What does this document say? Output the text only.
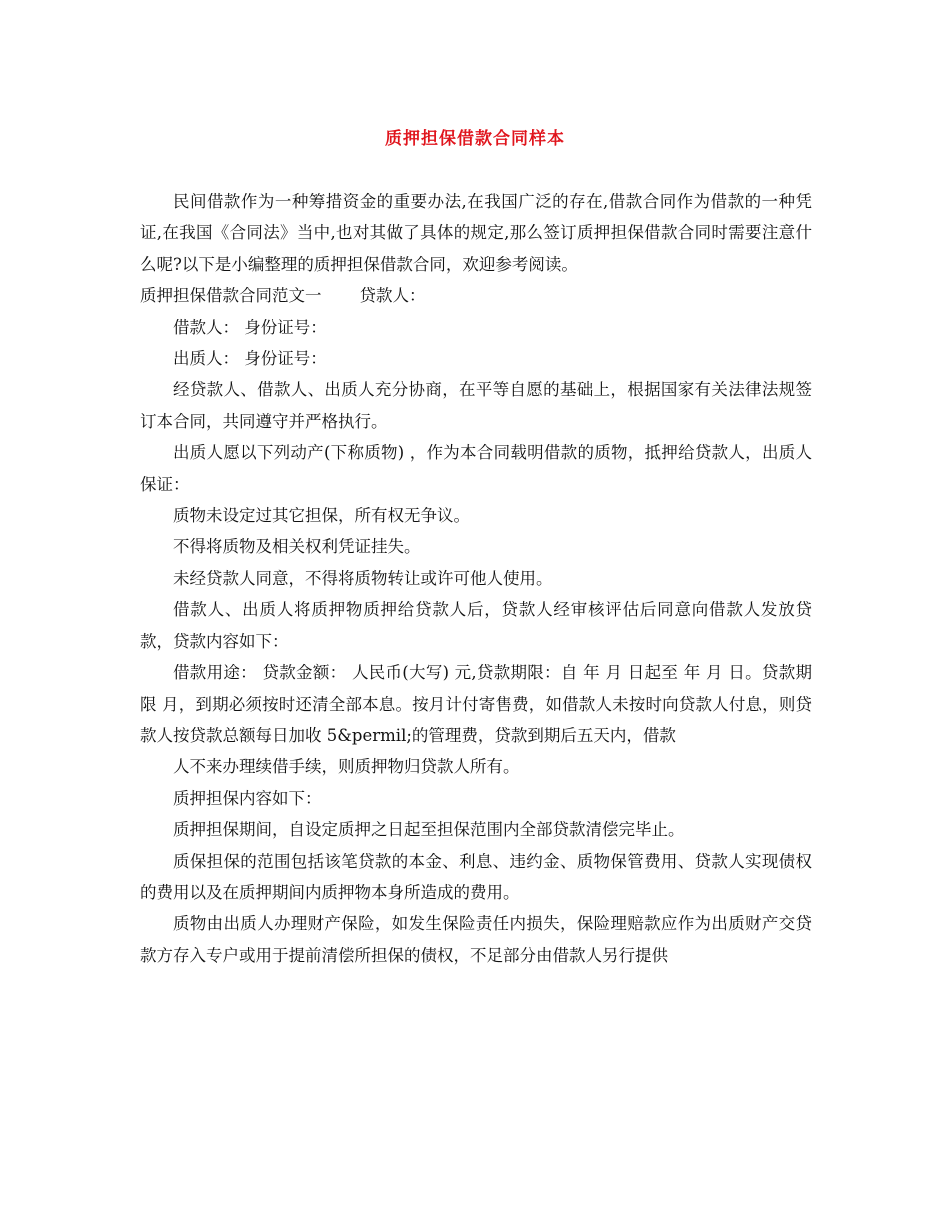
质押担保借款合同样本

民间借款作为一种筹措资金的重要办法,在我国广泛的存在,借款合同作为借款的一种凭证,在我国《合同法》当中,也对其做了具体的规定,那么签订质押担保借款合同时需要注意什么呢?以下是小编整理的质押担保借款合同，欢迎参考阅读。

质押担保借款合同范文一 贷款人：

借款人： 身份证号：

出质人： 身份证号：

经贷款人、借款人、出质人充分协商，在平等自愿的基础上，根据国家有关法律法规签订本合同，共同遵守并严格执行。

出质人愿以下列动产(下称质物) ，作为本合同载明借款的质物，抵押给贷款人，出质人保证：

质物未设定过其它担保，所有权无争议。

不得将质物及相关权利凭证挂失。

未经贷款人同意，不得将质物转让或许可他人使用。

借款人、出质人将质押物质押给贷款人后，贷款人经审核评估后同意向借款人发放贷款，贷款内容如下：

借款用途： 贷款金额： 人民币(大写) 元,贷款期限：自 年 月 日起至 年 月 日。贷款期限 月，到期必须按时还清全部本息。按月计付寄售费，如借款人未按时向贷款人付息，则贷款人按贷款总额每日加收 5&permil;的管理费，贷款到期后五天内，借款

人不来办理续借手续，则质押物归贷款人所有。

质押担保内容如下：

质押担保期间，自设定质押之日起至担保范围内全部贷款清偿完毕止。

质保担保的范围包括该笔贷款的本金、利息、违约金、质物保管费用、贷款人实现债权的费用以及在质押期间内质押物本身所造成的费用。

质物由出质人办理财产保险，如发生保险责任内损失，保险理赔款应作为出质财产交贷款方存入专户或用于提前清偿所担保的债权，不足部分由借款人另行提供
